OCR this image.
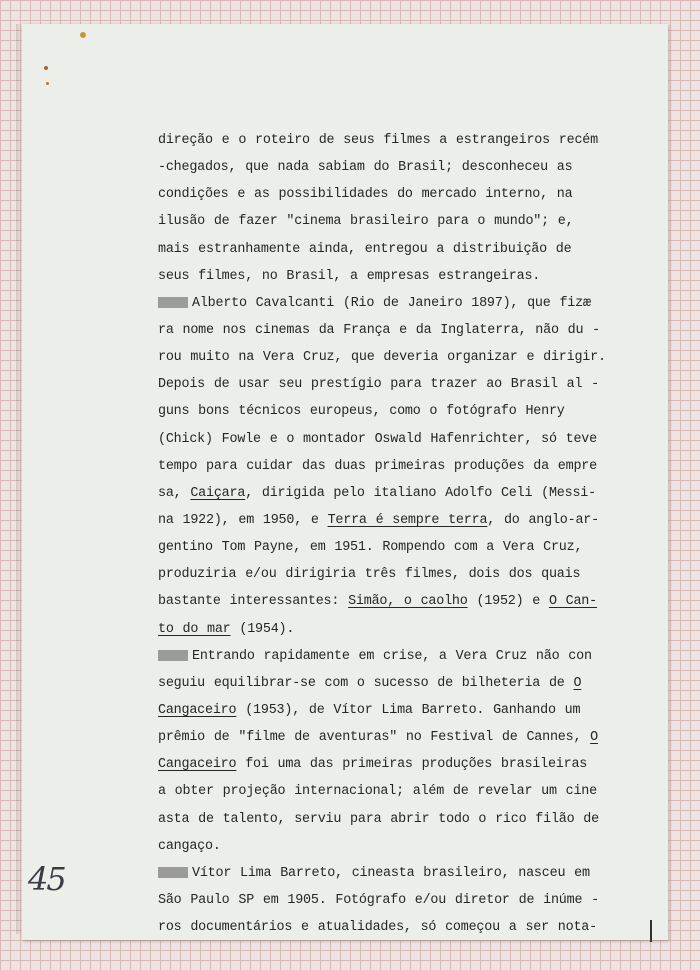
direção e o roteiro de seus filmes a estrangeiros recém
-chegados, que nada sabiam do Brasil; desconheceu as
condições e as possibilidades do mercado interno, na
ilusão de fazer "cinema brasileiro para o mundo"; e,
mais estranhamente ainda, entregou a distribuição de
seus filmes, no Brasil, a empresas estrangeiras.
Alberto Cavalcanti (Rio de Janeiro 1897), que fizæ
ra nome nos cinemas da França e da Inglaterra, não du -
rou muito na Vera Cruz, que deveria organizar e dirigir.
Depois de usar seu prestígio para trazer ao Brasil al -
guns bons técnicos europeus, como o fotógrafo Henry
(Chick) Fowle e o montador Oswald Hafenrichter, só teve
tempo para cuidar das duas primeiras produções da empre
sa, Caiçara, dirigida pelo italiano Adolfo Celi (Messi-
na 1922), em 1950, e Terra é sempre terra, do anglo-ar-
gentino Tom Payne, em 1951. Rompendo com a Vera Cruz,
produziria e/ou dirigiria três filmes, dois dos quais
bastante interessantes: Simão, o caolho (1952) e O Can-
to do mar (1954).
Entrando rapidamente em crise, a Vera Cruz não con
seguiu equilibrar-se com o sucesso de bilheteria de O
Cangaceiro (1953), de Vítor Lima Barreto. Ganhando um
prêmio de "filme de aventuras" no Festival de Cannes, O
Cangaceiro foi uma das primeiras produções brasileiras
a obter projeção internacional; além de revelar um cine
asta de talento, serviu para abrir todo o rico filão de
cangaço.
Vítor Lima Barreto, cineasta brasileiro, nasceu em
São Paulo SP em 1905. Fotógrafo e/ou diretor de inúme -
ros documentários e atualidades, só começou a ser nota-
45
